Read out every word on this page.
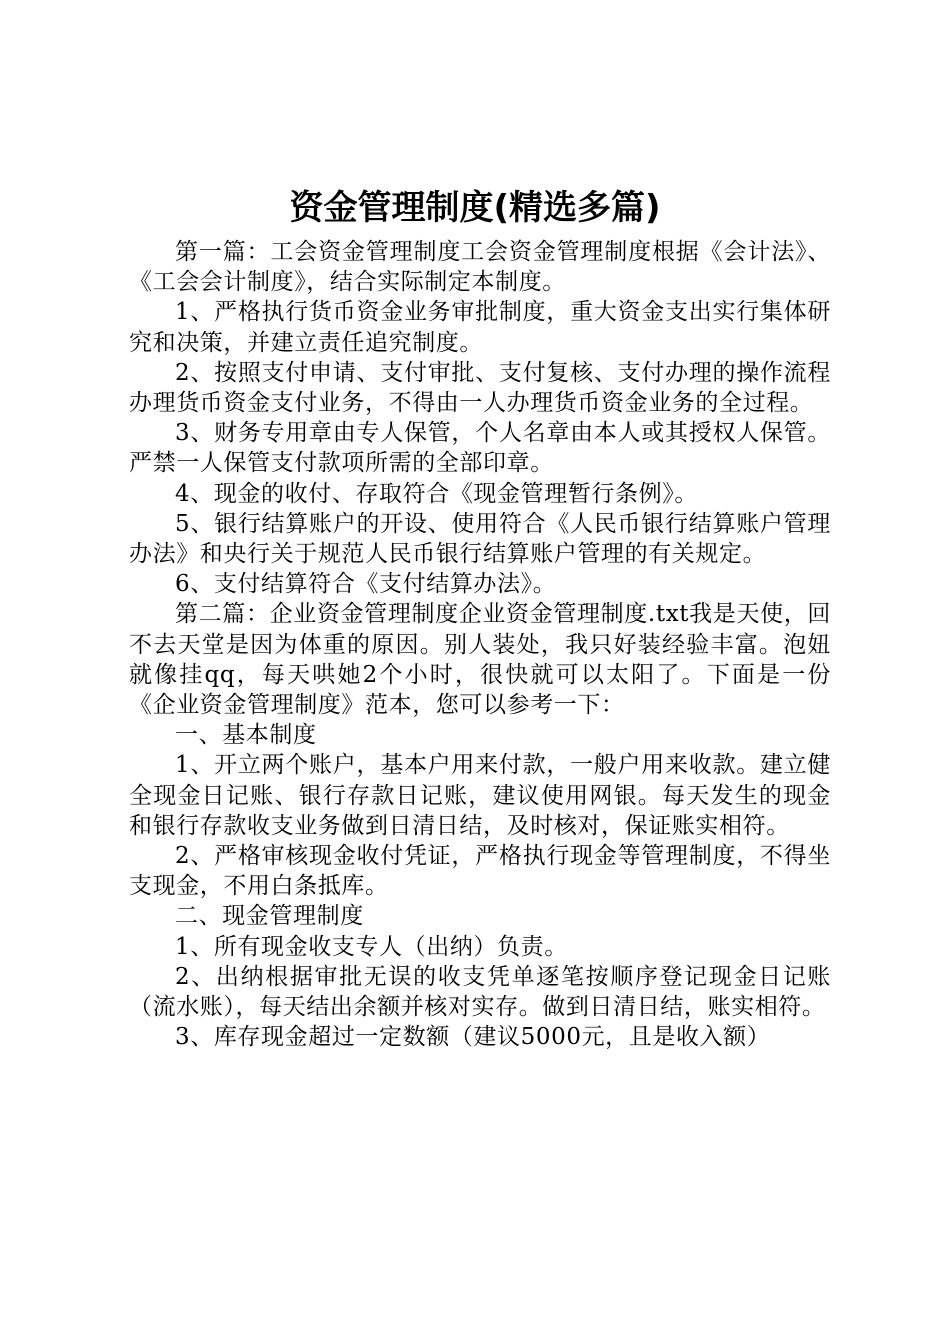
资金管理制度(精选多篇)

第一篇：工会资金管理制度工会资金管理制度根据《会计法》、《工会会计制度》，结合实际制定本制度。

1、严格执行货币资金业务审批制度，重大资金支出实行集体研究和决策，并建立责任追究制度。

2、按照支付申请、支付审批、支付复核、支付办理的操作流程办理货币资金支付业务，不得由一人办理货币资金业务的全过程。

3、财务专用章由专人保管，个人名章由本人或其授权人保管。严禁一人保管支付款项所需的全部印章。

4、现金的收付、存取符合《现金管理暂行条例》。

5、银行结算账户的开设、使用符合《人民币银行结算账户管理办法》和央行关于规范人民币银行结算账户管理的有关规定。

6、支付结算符合《支付结算办法》。

第二篇：企业资金管理制度企业资金管理制度.txt我是天使，回不去天堂是因为体重的原因。别人装处，我只好装经验丰富。泡妞就像挂qq，每天哄她2个小时，很快就可以太阳了。下面是一份《企业资金管理制度》范本，您可以参考一下：

一、基本制度

1、开立两个账户，基本户用来付款，一般户用来收款。建立健全现金日记账、银行存款日记账，建议使用网银。每天发生的现金和银行存款收支业务做到日清日结，及时核对，保证账实相符。

2、严格审核现金收付凭证，严格执行现金等管理制度，不得坐支现金，不用白条抵库。

二、现金管理制度

1、所有现金收支专人（出纳）负责。

2、出纳根据审批无误的收支凭单逐笔按顺序登记现金日记账（流水账），每天结出余额并核对实存。做到日清日结，账实相符。

3、库存现金超过一定数额（建议5000元，且是收入额）
